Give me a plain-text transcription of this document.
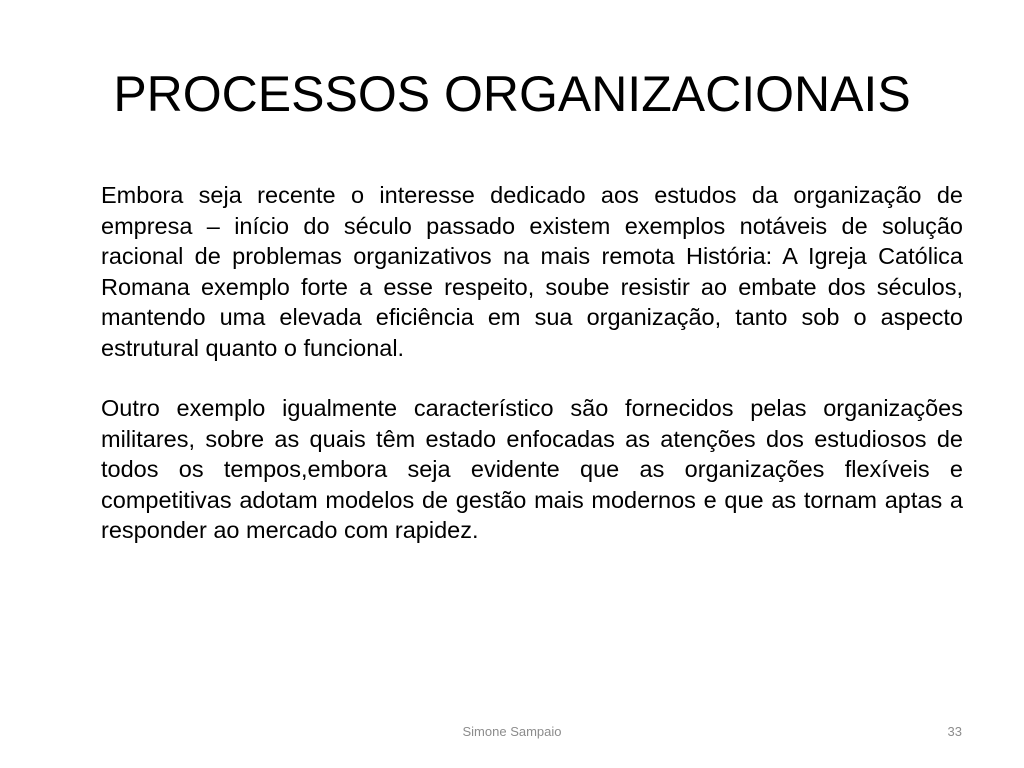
PROCESSOS ORGANIZACIONAIS

Embora seja recente o interesse dedicado aos estudos da organização de empresa – início do século passado existem exemplos notáveis de solução racional de problemas organizativos na mais remota História: A Igreja Católica Romana exemplo forte a esse respeito, soube resistir ao embate dos séculos, mantendo uma elevada eficiência em sua organização, tanto sob o aspecto estrutural quanto o funcional.

Outro exemplo igualmente característico são fornecidos pelas organizações militares, sobre as quais têm estado enfocadas as atenções dos estudiosos de todos os tempos,embora seja evidente que as organizações flexíveis e competitivas adotam modelos de gestão mais modernos e que as tornam aptas a responder ao mercado com rapidez.

Simone Sampaio	33
